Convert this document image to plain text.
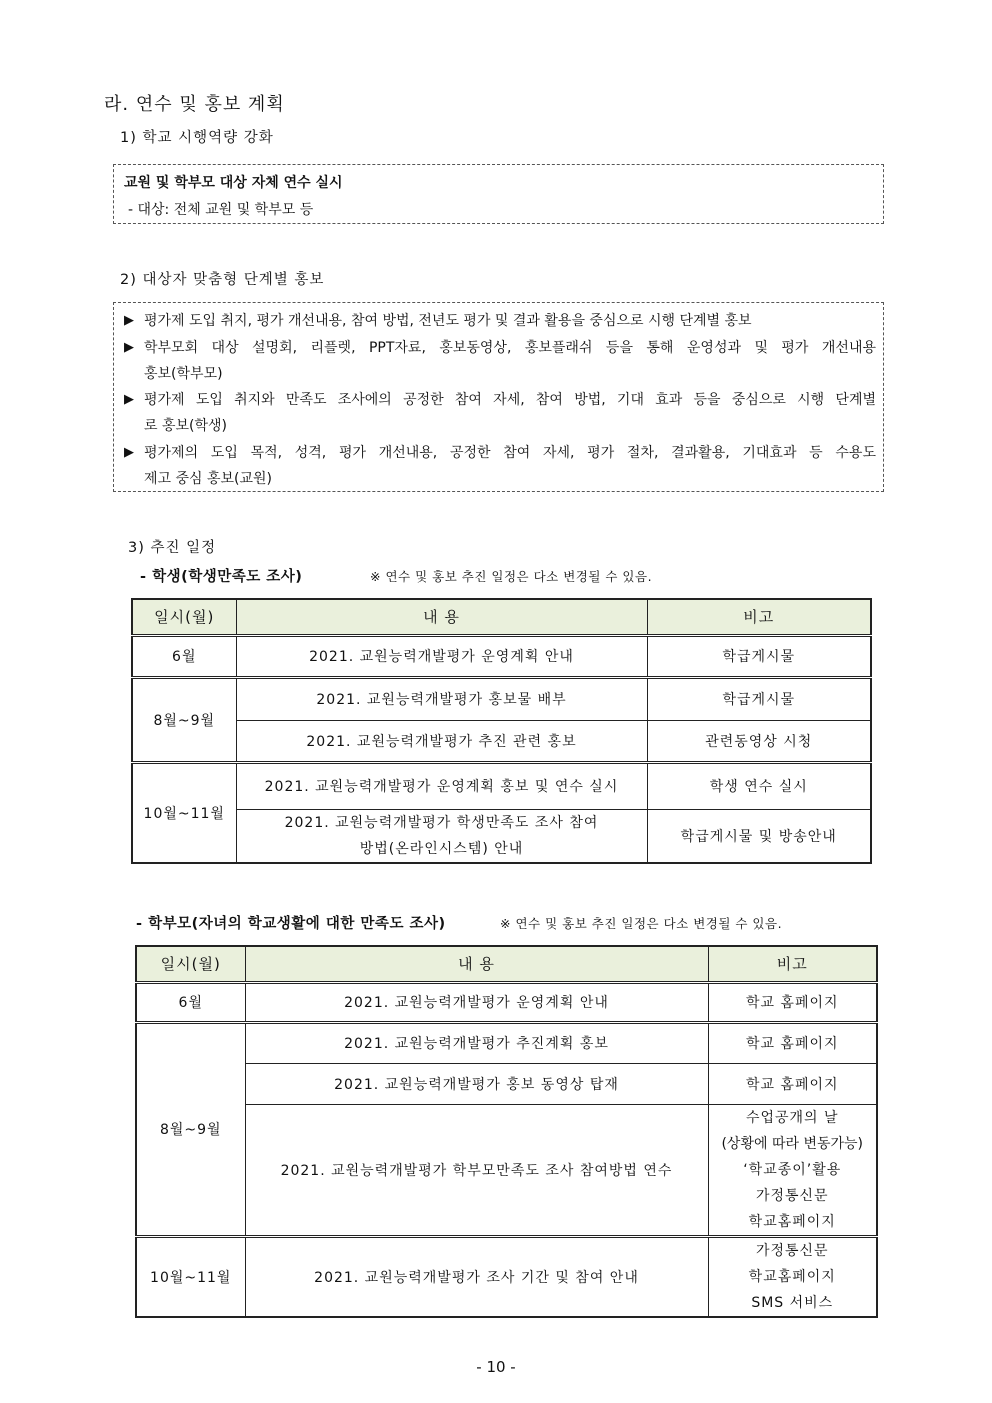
라. 연수 및 홍보 계획
1) 학교 시행역량 강화
교원 및 학부모 대상 자체 연수 실시
- 대상: 전체 교원 및 학부모 등
2) 대상자 맞춤형 단계별 홍보
▶ 평가제 도입 취지, 평가 개선내용, 참여 방법, 전년도 평가 및 결과 활용을 중심으로 시행 단계별 홍보
▶ 학부모회 대상 설명회, 리플렛, PPT자료, 홍보동영상, 홍보플래쉬 등을 통해 운영성과 및 평가 개선내용
홍보(학부모)
▶ 평가제 도입 취지와 만족도 조사에의 공정한 참여 자세, 참여 방법, 기대 효과 등을 중심으로 시행 단계별
로 홍보(학생)
▶ 평가제의 도입 목적, 성격, 평가 개선내용, 공정한 참여 자세, 평가 절차, 결과활용, 기대효과 등 수용도
제고 중심 홍보(교원)
3) 추진 일정
- 학생(학생만족도 조사)	※ 연수 및 홍보 추진 일정은 다소 변경될 수 있음.
일시(월)	내 용	비고
6월	2021. 교원능력개발평가 운영계획 안내	학급게시물
8월~9월	2021. 교원능력개발평가 홍보물 배부	학급게시물
	2021. 교원능력개발평가 추진 관련 홍보	관련동영상 시청
10월~11월	2021. 교원능력개발평가 운영계획 홍보 및 연수 실시	학생 연수 실시

	2021. 교원능력개발평가 학생만족도 조사 참여
방법(온라인시스템) 안내	학급게시물 및 방송안내
- 학부모(자녀의 학교생활에 대한 만족도 조사)	※ 연수 및 홍보 추진 일정은 다소 변경될 수 있음.
일시(월)	내 용	비고
6월	2021. 교원능력개발평가 운영계획 안내	학교 홈페이지
8월~9월	2021. 교원능력개발평가 추진계획 홍보	학교 홈페이지
	2021. 교원능력개발평가 홍보 동영상 탑재	학교 홈페이지
	2021. 교원능력개발평가 학부모만족도 조사 참여방법 연수	수업공개의 날
(상황에 따라 변동가능)
‘학교종이’활용
가정통신문
학교홈페이지

10월~11월	2021. 교원능력개발평가 조사 기간 및 참여 안내	가정통신문
학교홈페이지
SMS 서비스
- 10 -
